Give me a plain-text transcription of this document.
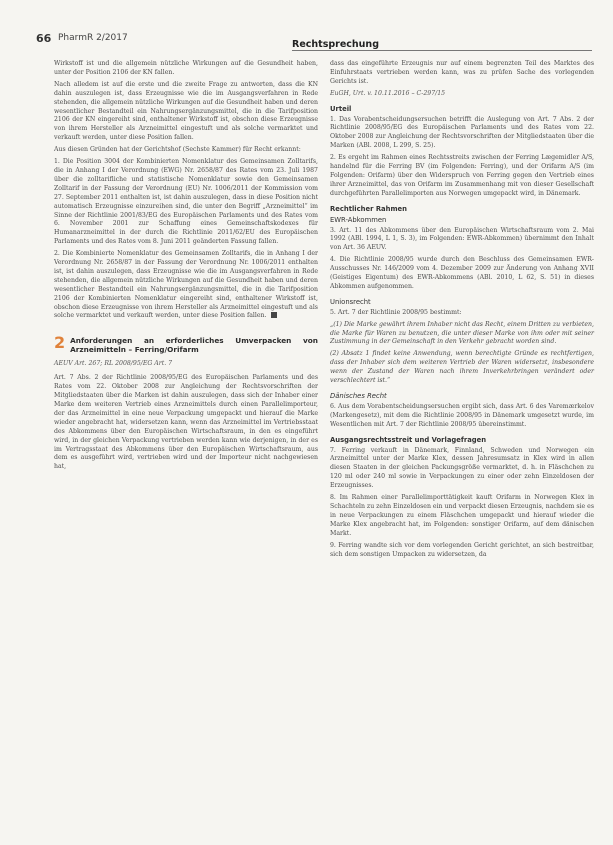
66 PharmR 2/2017
Rechtsprechung

Wirkstoff ist und die allgemein nützliche Wirkungen auf die Gesundheit haben, unter der Position 2106 der KN fallen.

Nach alledem ist auf die erste und die zweite Frage zu antworten, dass die KN dahin auszulegen ist, dass Erzeugnisse wie die im Ausgangsverfahren in Rede stehenden, die allgemein nützliche Wirkungen auf die Gesundheit haben und deren wesentlicher Bestandteil ein Nahrungsergänzungsmittel, die in die Tarifposition 2106 der KN eingereiht sind, enthaltener Wirkstoff ist, obschon diese Erzeugnisse von ihrem Hersteller als Arzneimittel eingestuft und als solche vermarktet und verkauft werden, unter diese Position fallen.

Aus diesen Gründen hat der Gerichtshof (Sechste Kammer) für Recht erkannt:

1. Die Position 3004 der Kombinierten Nomenklatur des Gemeinsamen Zolltarifs, die in Anhang I der Verordnung (EWG) Nr. 2658/87 des Rates vom 23. Juli 1987 über die zolltarifliche und statistische Nomenklatur sowie den Gemeinsamen Zolltarif in der Fassung der Verordnung (EU) Nr. 1006/2011 der Kommission vom 27. September 2011 enthalten ist, ist dahin auszulegen, dass in diese Position nicht automatisch Erzeugnisse einzureihen sind, die unter den Begriff „Arzneimittel“ im Sinne der Richtlinie 2001/83/EG des Europäischen Parlaments und des Rates vom 6. November 2001 zur Schaffung eines Gemeinschaftskodexes für Humanarzneimittel in der durch die Richtlinie 2011/62/EU des Europäischen Parlaments und des Rates vom 8. Juni 2011 geänderten Fassung fallen.

2. Die Kombinierte Nomenklatur des Gemeinsamen Zolltarifs, die in Anhang I der Verordnung Nr. 2658/87 in der Fassung der Verordnung Nr. 1006/2011 enthalten ist, ist dahin auszulegen, dass Erzeugnisse wie die im Ausgangsverfahren in Rede stehenden, die allgemein nützliche Wirkungen auf die Gesundheit haben und deren wesentlicher Bestandteil ein Nahrungsergänzungsmittel, die in die Tarifposition 2106 der Kombinierten Nomenklatur eingereiht sind, enthaltener Wirkstoff ist, obschon diese Erzeugnisse von ihrem Hersteller als Arzneimittel eingestuft und als solche vermarktet und verkauft werden, unter diese Position fallen.

2 Anforderungen an erforderliches Umverpacken von Arzneimitteln – Ferring/Orifarm
AEUV Art. 267; RL 2008/95/EG Art. 7

Art. 7 Abs. 2 der Richtlinie 2008/95/EG des Europäischen Parlaments und des Rates vom 22. Oktober 2008 zur Angleichung der Rechtsvorschriften der Mitgliedstaaten über die Marken ist dahin auszulegen, dass sich der Inhaber einer Marke dem weiteren Vertrieb eines Arzneimittels durch einen Parallelimporteur, der das Arzneimittel in eine neue Verpackung umgepackt und hierauf die Marke wieder angebracht hat, widersetzen kann, wenn das Arzneimittel im Vertriebsstaat des Abkommens über den Europäischen Wirtschaftsraum, in den es eingeführt wird, in der gleichen Verpackung vertrieben werden kann wie derjenigen, in der es im Vertragsstaat des Abkommens über den Europäischen Wirtschaftsraum, aus dem es ausgeführt wird, vertrieben wird und der Importeur nicht nachgewiesen hat,

dass das eingeführte Erzeugnis nur auf einem begrenzten Teil des Marktes des Einfuhrstaats vertrieben werden kann, was zu prüfen Sache des vorlegenden Gerichts ist.

EuGH, Urt. v. 10.11.2016 – C-297/15
Urteil

1. Das Vorabentscheidungsersuchen betrifft die Auslegung von Art. 7 Abs. 2 der Richtlinie 2008/95/EG des Europäischen Parlaments und des Rates vom 22. Oktober 2008 zur Angleichung der Rechtsvorschriften der Mitgliedstaaten über die Marken (ABl. 2008, L 299, S. 25).

2. Es ergeht im Rahmen eines Rechtsstreits zwischen der Ferring Lægemidler A/S, handelnd für die Ferring BV (im Folgenden: Ferring), und der Orifarm A/S (im Folgenden: Orifarm) über den Widerspruch von Ferring gegen den Vertrieb eines ihrer Arzneimittel, das von Orifarm im Zusammenhang mit von dieser Gesellschaft durchgeführten Parallelimporten aus Norwegen umgepackt wird, in Dänemark.

Rechtlicher Rahmen
EWR-Abkommen

3. Art. 11 des Abkommens über den Europäischen Wirtschaftsraum vom 2. Mai 1992 (ABl. 1994, L 1, S. 3), im Folgenden: EWR-Abkommen) übernimmt den Inhalt von Art. 36 AEUV.

4. Die Richtlinie 2008/95 wurde durch den Beschluss des Gemeinsamen EWR-Ausschusses Nr. 146/2009 vom 4. Dezember 2009 zur Änderung von Anhang XVII (Geistiges Eigentum) des EWR-Abkommens (ABl. 2010, L 62, S. 51) in dieses Abkommen aufgenommen.

Unionsrecht

5. Art. 7 der Richtlinie 2008/95 bestimmt:

„(1) Die Marke gewährt ihrem Inhaber nicht das Recht, einem Dritten zu verbieten, die Marke für Waren zu benutzen, die unter dieser Marke von ihm oder mit seiner Zustimmung in der Gemeinschaft in den Verkehr gebracht worden sind.

(2) Absatz 1 findet keine Anwendung, wenn berechtigte Gründe es rechtfertigen, dass der Inhaber sich dem weiteren Vertrieb der Waren widersetzt, insbesondere wenn der Zustand der Waren nach ihrem Inverkehrbringen verändert oder verschlechtert ist.“

Dänisches Recht

6. Aus dem Vorabentscheidungsersuchen ergibt sich, dass Art. 6 des Varemærkelov (Markengesetz), mit dem die Richtlinie 2008/95 in Dänemark umgesetzt wurde, im Wesentlichen mit Art. 7 der Richtlinie 2008/95 übereinstimmt.

Ausgangsrechtsstreit und Vorlagefragen

7. Ferring verkauft in Dänemark, Finnland, Schweden und Norwegen ein Arzneimittel unter der Marke Klex, dessen Jahresumsatz in Klex wird in allen diesen Staaten in der gleichen Packungsgröße vermarktet, d. h. in Fläschchen zu 120 ml oder 240 ml sowie in Verpackungen zu einer oder zehn Einzeldosen der Erzeugnisses.

8. Im Rahmen einer Parallelimporttätigkeit kauft Orifarm in Norwegen Klex in Schachteln zu zehn Einzeldosen ein und verpackt diesen Erzeugnis, nachdem sie es in neue Verpackungen zu einem Fläschchen umgepackt und hierauf wieder die Marke Klex angebracht hat, im Folgenden: sonstiger Orifarm, auf dem dänischen Markt.

9. Ferring wandte sich vor dem vorlegenden Gericht gerichtet, an sich bestreitbar, sich dem sonstigen Umpacken zu widersetzen, da
